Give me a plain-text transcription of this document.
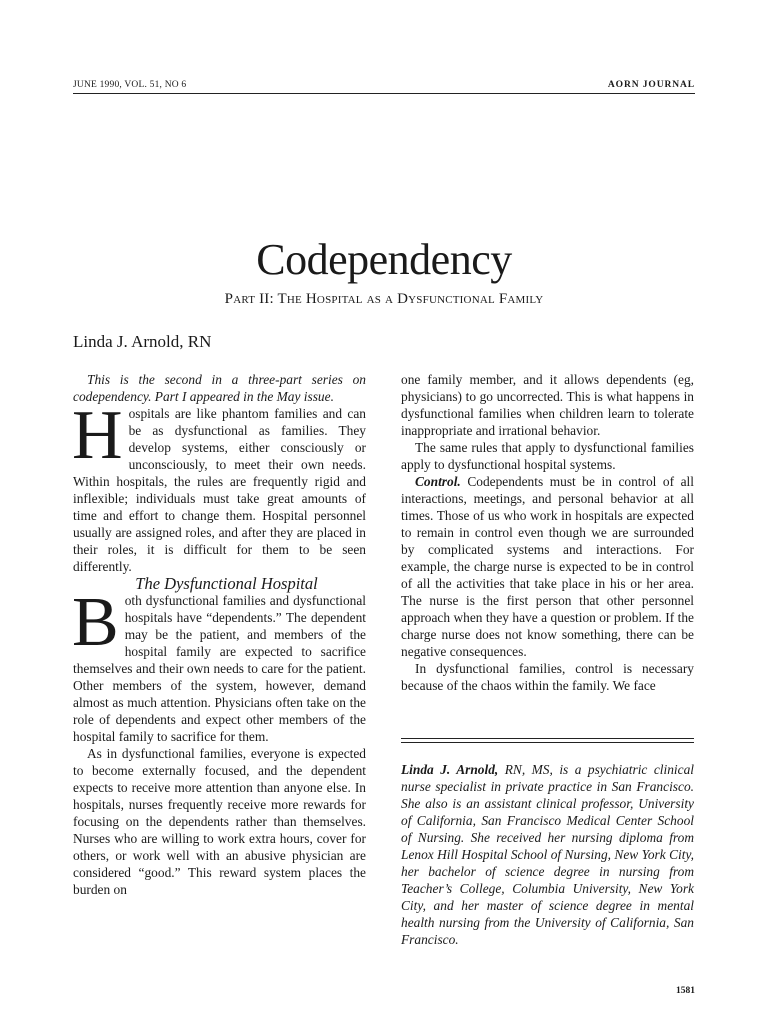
JUNE 1990, VOL. 51, NO 6	AORN JOURNAL
Codependency
Part II: The Hospital as a Dysfunctional Family
Linda J. Arnold, RN

This is the second in a three-part series on codependency. Part I appeared in the May issue.

Hospitals are like phantom families and can be as dysfunctional as families. They develop systems, either consciously or unconsciously, to meet their own needs. Within hospitals, the rules are frequently rigid and inflexible; individuals must take great amounts of time and effort to change them. Hospital personnel usually are assigned roles, and after they are placed in their roles, it is difficult for them to be seen differently.

The Dysfunctional Hospital

Both dysfunctional families and dysfunctional hospitals have “dependents.” The dependent may be the patient, and members of the hospital family are expected to sacrifice themselves and their own needs to care for the patient. Other members of the system, however, demand almost as much attention. Physicians often take on the role of dependents and expect other members of the hospital family to sacrifice for them.

As in dysfunctional families, everyone is expected to become externally focused, and the dependent expects to receive more attention than anyone else. In hospitals, nurses frequently receive more rewards for focusing on the dependents rather than themselves. Nurses who are willing to work extra hours, cover for others, or work well with an abusive physician are considered “good.” This reward system places the burden on

one family member, and it allows dependents (eg, physicians) to go uncorrected. This is what happens in dysfunctional families when children learn to tolerate inappropriate and irrational behavior.

The same rules that apply to dysfunctional families apply to dysfunctional hospital systems.

Control. Codependents must be in control of all interactions, meetings, and personal behavior at all times. Those of us who work in hospitals are expected to remain in control even though we are surrounded by complicated systems and interactions. For example, the charge nurse is expected to be in control of all the activities that take place in his or her area. The nurse is the first person that other personnel approach when they have a question or problem. If the charge nurse does not know something, there can be negative consequences.

In dysfunctional families, control is necessary because of the chaos within the family. We face

Linda J. Arnold, RN, MS, is a psychiatric clinical nurse specialist in private practice in San Francisco. She also is an assistant clinical professor, University of California, San Francisco Medical Center School of Nursing. She received her nursing diploma from Lenox Hill Hospital School of Nursing, New York City, her bachelor of science degree in nursing from Teacher’s College, Columbia University, New York City, and her master of science degree in mental health nursing from the University of California, San Francisco.

1581
